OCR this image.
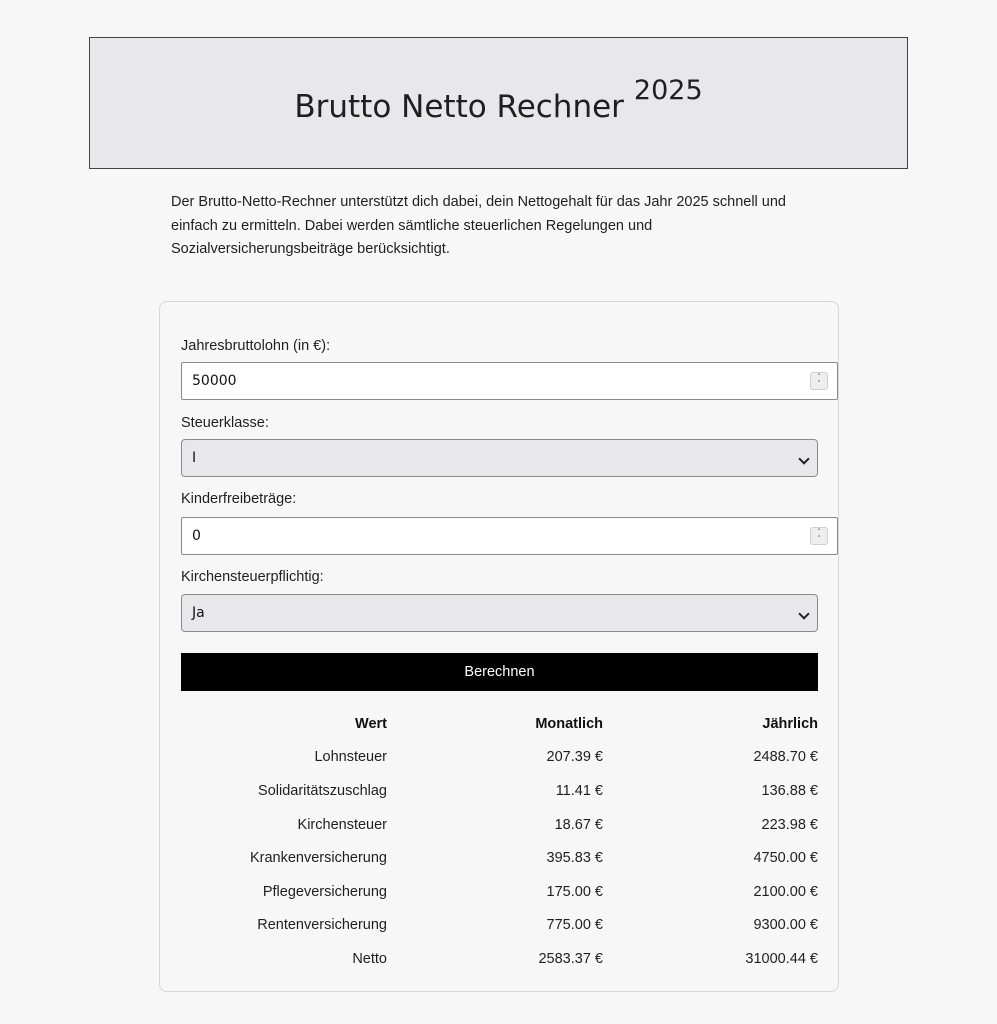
Brutto Netto Rechner 2025

Der Brutto-Netto-Rechner unterstützt dich dabei, dein Nettogehalt für das Jahr 2025 schnell und einfach zu ermitteln. Dabei werden sämtliche steuerlichen Regelungen und Sozialversicherungsbeiträge berücksichtigt.

Jahresbruttolohn (in €):
50000	˄
˅
Steuerklasse:
I
Kinderfreibeträge:
0	˄
˅
Kirchensteuerpflichtig:
Ja
Berechnen
Wert	Monatlich	Jährlich
Lohnsteuer	207.39 €	2488.70 €
Solidaritätszuschlag	11.41 €	136.88 €
Kirchensteuer	18.67 €	223.98 €
Krankenversicherung	395.83 €	4750.00 €
Pflegeversicherung	175.00 €	2100.00 €
Rentenversicherung	775.00 €	9300.00 €
Netto	2583.37 €	31000.44 €
